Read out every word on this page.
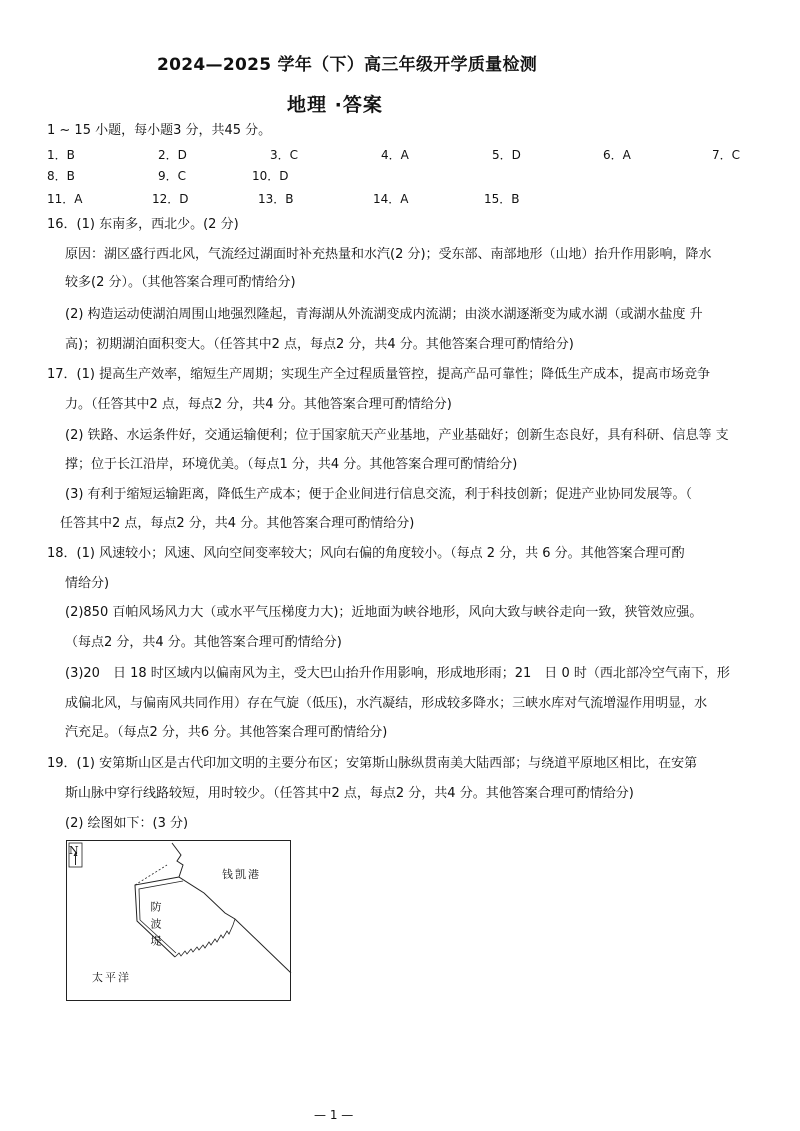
2024—2025 学年（下）高三年级开学质量检测
地理 ·答案
1 ~ 15 小题，每小题3 分，共45 分。
1．B	2．D	3．C	4．A	5．D	6．A	7．C
8．B	9．C	10．D
11．A	12．D	13．B	14．A	15．B
16．(1) 东南多，西北少。(2 分)
原因：湖区盛行西北风，气流经过湖面时补充热量和水汽(2 分)；受东部、南部地形（山地）抬升作用影响，降水
较多(2 分）。（其他答案合理可酌情给分)
(2) 构造运动使湖泊周围山地强烈隆起，青海湖从外流湖变成内流湖；由淡水湖逐渐变为咸水湖（或湖水盐度 升
高)；初期湖泊面积变大。（任答其中2 点，每点2 分，共4 分。其他答案合理可酌情给分)
17．(1) 提高生产效率，缩短生产周期；实现生产全过程质量管控，提高产品可靠性；降低生产成本，提高市场竞争
力。（任答其中2 点，每点2 分，共4 分。其他答案合理可酌情给分)
(2) 铁路、水运条件好，交通运输便利；位于国家航天产业基地，产业基础好；创新生态良好，具有科研、信息等 支
撑；位于长江沿岸，环境优美。（每点1 分，共4 分。其他答案合理可酌情给分)
(3) 有利于缩短运输距离，降低生产成本；便于企业间进行信息交流，利于科技创新；促进产业协同发展等。（
任答其中2 点，每点2 分，共4 分。其他答案合理可酌情给分)
18．(1) 风速较小；风速、风向空间变率较大；风向右偏的角度较小。（每点 2 分，共 6 分。其他答案合理可酌
情给分)
(2)850 百帕风场风力大（或水平气压梯度力大)；近地面为峡谷地形，风向大致与峡谷走向一致，狭管效应强。
（每点2 分，共4 分。其他答案合理可酌情给分)
(3)20　日 18 时区域内以偏南风为主，受大巴山抬升作用影响，形成地形雨；21　日 0 时（西北部冷空气南下，形
成偏北风，与偏南风共同作用）存在气旋（低压)，水汽凝结，形成较多降水；三峡水库对气流增湿作用明显，水
汽充足。（每点2 分，共6 分。其他答案合理可酌情给分)
19．(1) 安第斯山区是古代印加文明的主要分布区；安第斯山脉纵贯南美大陆西部；与绕道平原地区相比，在安第
斯山脉中穿行线路较短，用时较少。（任答其中2 点，每点2 分，共4 分。其他答案合理可酌情给分)
(2) 绘图如下：(3 分)
N
钱凯港
防波堤
太平洋
— 1 —
